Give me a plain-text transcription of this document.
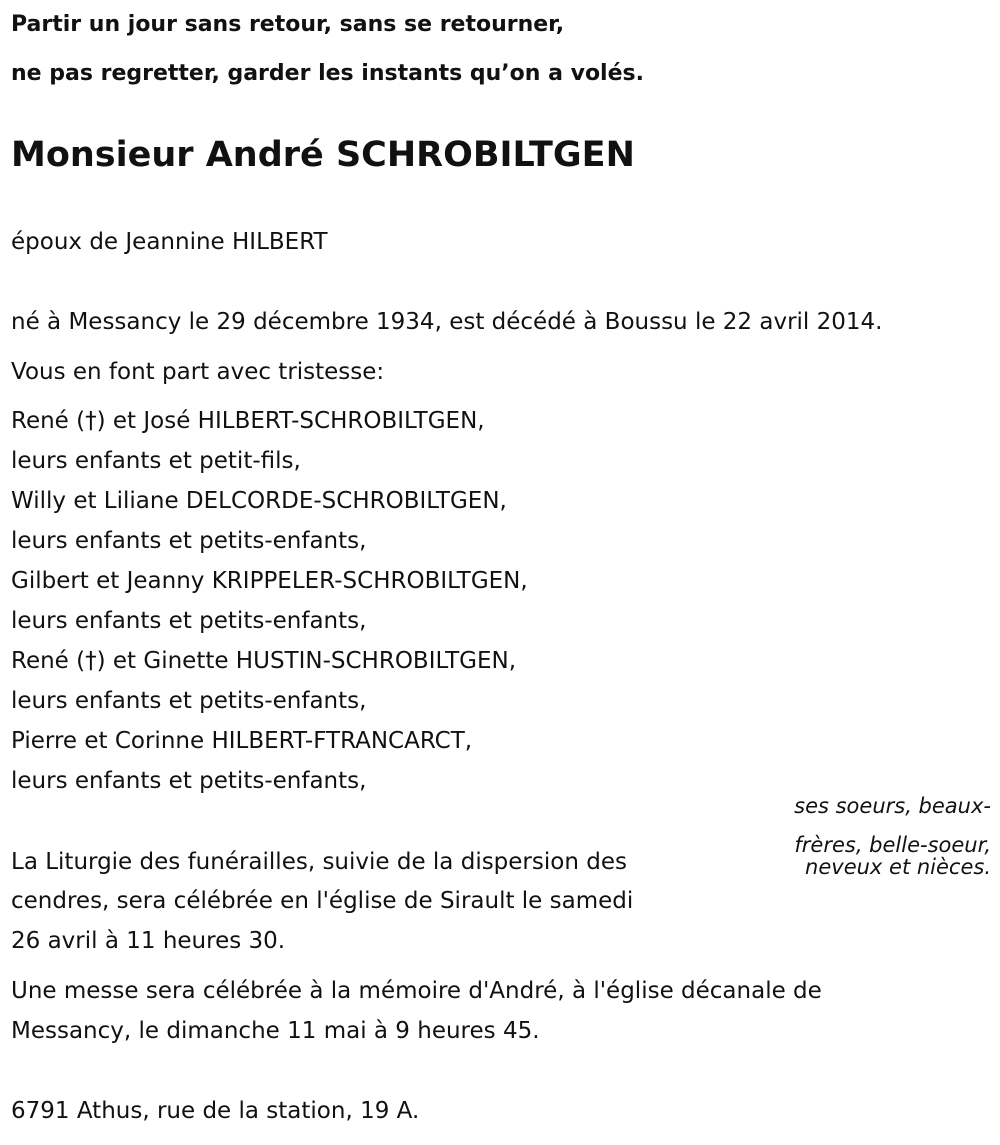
Partir un jour sans retour, sans se retourner,
ne pas regretter, garder les instants qu’on a volés.
Monsieur André SCHROBILTGEN
époux de Jeannine HILBERT
né à Messancy le 29 décembre 1934, est décédé à Boussu le 22 avril 2014.
Vous en font part avec tristesse:
René (†) et José HILBERT-SCHROBILTGEN,
leurs enfants et petit-fils,
Willy et Liliane DELCORDE-SCHROBILTGEN,
leurs enfants et petits-enfants,
Gilbert et Jeanny KRIPPELER-SCHROBILTGEN,
leurs enfants et petits-enfants,
René (†) et Ginette HUSTIN-SCHROBILTGEN,
leurs enfants et petits-enfants,
Pierre et Corinne HILBERT-FTRANCARCT,
leurs enfants et petits-enfants,
ses soeurs, beaux-
frères, belle-soeur,
neveux et nièces.
La Liturgie des funérailles, suivie de la dispersion des
cendres, sera célébrée en l'église de Sirault le samedi
26 avril à 11 heures 30.
Une messe sera célébrée à la mémoire d'André, à l'église décanale de
Messancy, le dimanche 11 mai à 9 heures 45.
6791 Athus, rue de la station, 19 A.
